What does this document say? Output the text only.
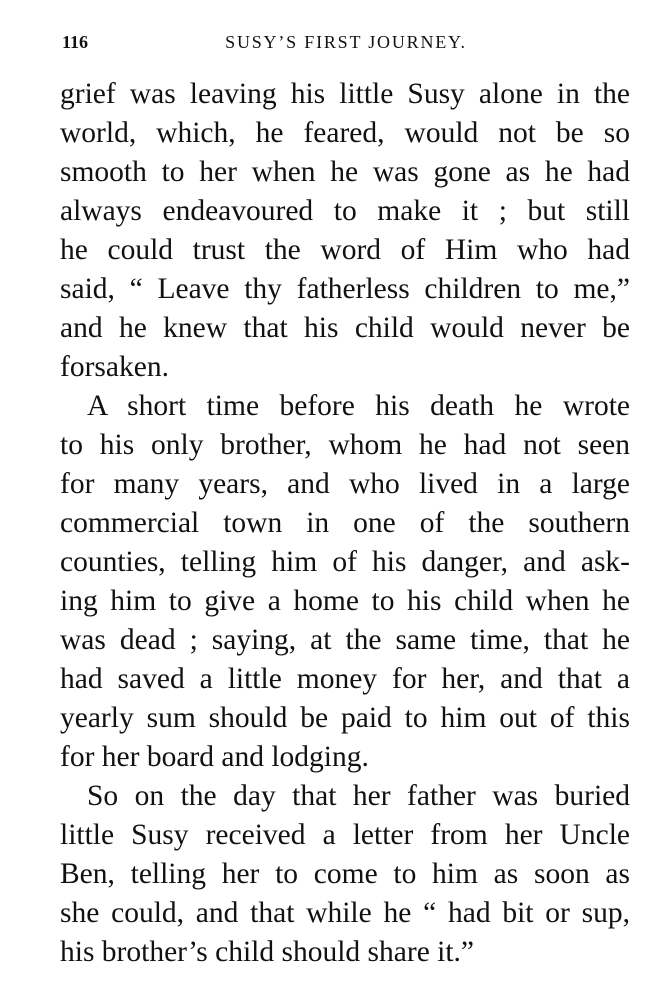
116	SUSY’S FIRST JOURNEY.
grief was leaving his little Susy alone in the
world, which, he feared, would not be so
smooth to her when he was gone as he had
always endeavoured to make it ; but still
he could trust the word of Him who had
said, “ Leave thy fatherless children to me,”
and he knew that his child would never be
forsaken.
A short time before his death he wrote
to his only brother, whom he had not seen
for many years, and who lived in a large
commercial town in one of the southern
counties, telling him of his danger, and ask-
ing him to give a home to his child when he
was dead ; saying, at the same time, that he
had saved a little money for her, and that a
yearly sum should be paid to him out of this
for her board and lodging.
So on the day that her father was buried
little Susy received a letter from her Uncle
Ben, telling her to come to him as soon as
she could, and that while he “ had bit or sup,
his brother’s child should share it.”
